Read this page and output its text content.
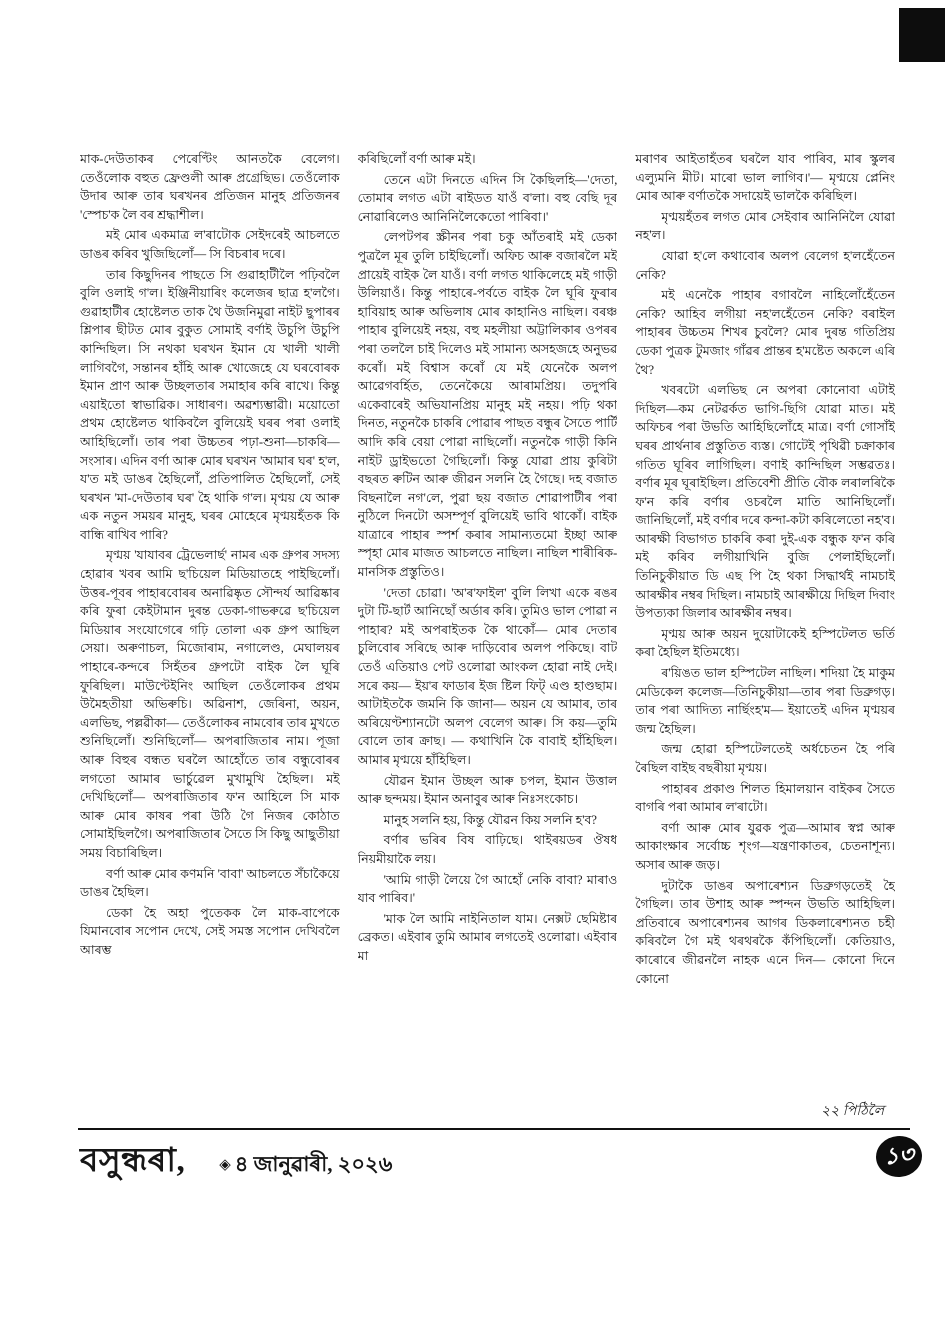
মাক-দেউতাকৰ পেৰেণ্টিং আনতকৈ বেলেগ। তেওঁলোক বহুত ফ্ৰেণ্ডলী আৰু প্ৰগ্ৰেছিভ। তেওঁলোক উদাৰ আৰু তাৰ ঘৰখনৰ প্ৰতিজন মানুহ প্ৰতিজনৰ 'স্পেচ'ক লৈ বৰ শ্ৰদ্ধাশীল।

মই মোৰ একমাত্ৰ ল'ৰাটোক সেইদৰেই আচলতে ডাঙৰ কৰিব খুজিছিলোঁ— সি বিচৰাৰ দৰে।

তাৰ কিছুদিনৰ পাছতে সি গুৱাহাটীলৈ পঢ়িবলৈ বুলি ওলাই গ'ল। ইঞ্জিনীয়াৰিং কলেজৰ ছাত্ৰ হ'লগৈ। গুৱাহাটীৰ হোষ্টেলত তাক থৈ উজনিমুৱা নাইট ছুপাৰৰ শ্লিপাৰ ছীটত মোৰ বুকুত সোমাই বৰ্ণাই উচুপি উচুপি কান্দিছিল। সি নথকা ঘৰখন ইমান যে খালী খালী লাগিবগৈ, সন্তানৰ হাঁহি আৰু খোজেহে যে ঘৰবোৰক ইমান প্ৰাণ আৰু উচ্ছলতাৰ সমাহাৰ কৰি ৰাখে। কিন্তু এয়াইতো স্বাভাৱিক। সাধাৰণ। অৱশ্যম্ভাৱী। ময়োতো প্ৰথম হোষ্টেলত থাকিবলৈ বুলিয়েই ঘৰৰ পৰা ওলাই আহিছিলোঁ। তাৰ পৰা উচ্চতৰ পঢ়া-শুনা—চাকৰি— সংসাৰ। এদিন বৰ্ণা আৰু মোৰ ঘৰখন 'আমাৰ ঘৰ' হ'ল, য'ত মই ডাঙৰ হৈছিলোঁ, প্ৰতিপালিত হৈছিলোঁ, সেই ঘৰখন 'মা-দেউতাৰ ঘৰ' হৈ থাকি গ'ল। মৃণ্ময় যে আৰু এক নতুন সময়ৰ মানুহ, ঘৰৰ মোহেৰে মৃণ্ময়হঁতক কি বান্ধি ৰাখিব পাৰি?

মৃণ্ময় 'যাযাবৰ ট্ৰেভেলাৰ্ছ' নামৰ এক গ্ৰুপৰ সদস্য হোৱাৰ খবৰ আমি ছ'চিয়েল মিডিয়াতহে পাইছিলোঁ। উত্তৰ-পূবৰ পাহাৰবোৰৰ অনাৱিষ্কৃত সৌন্দৰ্য আৱিষ্কাৰ কৰি ফুৰা কেইটামান দুৰন্ত ডেকা-গাভৰুৱে ছ'চিয়েল মিডিয়াৰ সংযোগেৰে গঢ়ি তোলা এক গ্ৰুপ আছিল সেয়া। অৰুণাচল, মিজোৰাম, নগালেণ্ড, মেঘালয়ৰ পাহাৰে-কন্দৰে সিহঁতৰ গ্ৰুপটো বাইক লৈ ঘূৰি ফুৰিছিল। মাউণ্টেইনিং আছিল তেওঁলোকৰ প্ৰথম উমৈহতীয়া অভিৰুচি। অৱিনাশ, জেৰিনা, অয়ন, এলভিছ, পল্লৱীকা— তেওঁলোকৰ নামবোৰ তাৰ মুখতে শুনিছিলোঁ। শুনিছিলোঁ— অপৰাজিতাৰ নাম। পূজা আৰু বিহুৰ বন্ধত ঘৰলৈ আহোঁতে তাৰ বন্ধুবোৰৰ লগতো আমাৰ ভাৰ্চুৱেল মুখামুখি হৈছিল। মই দেখিছিলোঁ— অপৰাজিতাৰ ফ'ন আহিলে সি মাক আৰু মোৰ কাষৰ পৰা উঠি গৈ নিজৰ কোঠাত সোমাইছিলগৈ। অপৰাজিতাৰ সৈতে সি কিছু আছুতীয়া সময় বিচাৰিছিল।

বৰ্ণা আৰু মোৰ কণমনি 'বাবা' আচলতে সঁচাকৈয়ে ডাঙৰ হৈছিল।

ডেকা হৈ অহা পুতেকক লৈ মাক-বাপেকে যিমানবোৰ সপোন দেখে, সেই সমস্ত সপোন দেখিবলৈ আৰম্ভ

কৰিছিলোঁ বৰ্ণা আৰু মই।

তেনে এটা দিনতে এদিন সি কৈছিলহি—'দেতা, তোমাৰ লগত এটা ৰাইডত যাওঁ ব'লা। বহু বেছি দূৰ নোৱাৰিলেও আনিনিলৈকেতো পাৰিবা।'

লেপটপৰ স্ক্ৰীনৰ পৰা চকু আঁতৰাই মই ডেকা পুত্ৰলৈ মূৰ তুলি চাইছিলোঁ। অফিচ আৰু বজাৰলৈ মই প্ৰায়েই বাইক লৈ যাওঁ। বৰ্ণা লগত থাকিলেহে মই গাড়ী উলিয়াওঁ। কিন্তু পাহাৰে-পৰ্বতে বাইক লৈ ঘূৰি ফুৰাৰ হাবিয়াহ আৰু অভিলাষ মোৰ কাহানিও নাছিল। বৰঞ্চ পাহাৰ বুলিয়েই নহয়, বহু মহলীয়া অট্টালিকাৰ ওপৰৰ পৰা তললৈ চাই দিলেও মই সামান্য অসহজহে অনুভৱ কৰোঁ। মই বিশ্বাস কৰোঁ যে মই যেনেকৈ অলপ আৱেগবৰ্হিত, তেনেকৈয়ে আৰামপ্ৰিয়। তদুপৰি একেবাৰেই অভিযানপ্ৰিয় মানুহ মই নহয়। পঢ়ি থকা দিনত, নতুনকৈ চাকৰি পোৱাৰ পাছত বন্ধুৰ সৈতে পাৰ্টি আদি কৰি বেয়া পোৱা নাছিলোঁ। নতুনকৈ গাড়ী কিনি নাইট ড্ৰাইভতো গৈছিলোঁ। কিন্তু যোৱা প্ৰায় কুৰিটা বছৰত ৰুটিন আৰু জীৱন সলনি হৈ গৈছে। দহ বজাত বিছনালৈ নগ'লে, পুৱা ছয় বজাত শোৱাপাটীৰ পৰা নুঠিলে দিনটো অসম্পূৰ্ণ বুলিয়েই ভাবি থাকোঁ। বাইক যাত্ৰাৰে পাহাৰ স্পৰ্শ কৰাৰ সামান্যতমো ইচ্ছা আৰু স্পৃহা মোৰ মাজত আচলতে নাছিল। নাছিল শাৰীৰিক-মানসিক প্ৰস্তুতিও।

'দেতা চোৱা। 'অ'ৰ'ফাইল' বুলি লিখা একে ৰঙৰ দুটা টি-ছাৰ্ট আনিছোঁ অৰ্ডাৰ কৰি। তুমিও ভাল পোৱা ন পাহাৰ? মই অপৰাইতক কৈ থাকোঁ— মোৰ দেতাৰ চুলিবোৰ সৰিছে আৰু দাড়িবোৰ অলপ পকিছে। বাট তেওঁ এতিয়াও পেট ওলোৱা আংকল হোৱা নাই দেই। সৰে কয়— ইয়'ৰ ফাডাৰ ইজ ষ্টিল ফিট্ এণ্ড হাণ্ডছাম। আটাইতকৈ জমনি কি জানা— অয়ন যে আমাৰ, তাৰ অৰিয়েণ্টশ্যানটো অলপ বেলেগ আৰু। সি কয়—তুমি বোলে তাৰ ক্ৰাছ। — কথাখিনি কৈ বাবাই হাঁহিছিল। আমাৰ মৃণ্ময়ে হাঁহিছিল।

যৌৱন ইমান উচ্ছল আৰু চপল, ইমান উত্তাল আৰু ছন্দময়। ইমান অনাবুৰ আৰু নিঃসংকোচ।

মানুহ সলনি হয়, কিন্তু যৌৱন কিয় সলনি হ'ব?

বৰ্ণাৰ ভৰিৰ বিষ বাঢ়িছে। থাইৰয়ডৰ ঔষধ নিয়মীয়াকৈ লয়।

'আমি গাড়ী লৈয়ে গৈ আহোঁ নেকি বাবা? মাৰাও যাব পাৰিব।'

'মাক লৈ আমি নাইনিতাল যাম। নেক্সট ছেমিষ্টাৰ ব্ৰেকত। এইবাৰ তুমি আমাৰ লগতেই ওলোৱা। এইবাৰ মা

মৰাণৰ আইতাহঁতৰ ঘৰলৈ যাব পাৰিব, মাৰ স্কুলৰ এল্যুমনি মীট। মাৰো ভাল লাগিব।'— মৃণ্ময়ে প্লেনিং মোৰ আৰু বৰ্ণাতকৈ সদায়েই ভালকৈ কৰিছিল।

মৃণ্ময়হঁতৰ লগত মোৰ সেইবাৰ আনিনিলৈ যোৱা নহ'ল।

যোৱা হ'লে কথাবোৰ অলপ বেলেগ হ'লহেঁতেন নেকি?

মই এনেকৈ পাহাৰ বগাবলৈ নাহিলোঁহেঁতেন নেকি? আহিব লগীয়া নহ'লহেঁতেন নেকি? বৰাইল পাহাৰৰ উচ্চতম শিখৰ চুবলৈ? মোৰ দুৰন্ত গতিপ্ৰিয় ডেকা পুত্ৰক টুমজাং গাঁৱৰ প্ৰান্তৰ হ'মষ্টেত অকলে এৰি থৈ?

খবৰটো এলভিছ নে অপৰা কোনোবা এটাই দিছিল—কম নেটৱৰ্কত ভাগি-ছিগি যোৱা মাত। মই অফিচৰ পৰা উভতি আহিছিলোঁহে মাত্ৰ। বৰ্ণা গোসাঁই ঘৰৰ প্ৰাৰ্থনাৰ প্ৰস্তুতিত ব্যস্ত। গোটেই পৃথিৱী চক্ৰাকাৰ গতিত ঘূৰিব লাগিছিল। বণাই কান্দিছিল সম্ভৱতঃ। বৰ্ণাৰ মূৰ ঘূৰাইছিল। প্ৰতিবেশী প্ৰীতি বৌক লৰালৰিকৈ ফ'ন কৰি বৰ্ণাৰ ওচৰলৈ মাতি আনিছিলোঁ। জানিছিলোঁ, মই বৰ্ণাৰ দৰে কন্দা-কটা কৰিলেতো নহ'ব। আৰক্ষী বিভাগত চাকৰি কৰা দুই-এক বন্ধুক ফ'ন কৰি মই কৰিব লগীয়াখিনি বুজি পেলাইছিলোঁ। তিনিচুকীয়াত ডি এছ পি হৈ থকা সিদ্ধাৰ্থই নামচাই আৰক্ষীৰ নম্বৰ দিছিল। নামচাই আৰক্ষীয়ে দিছিল দিবাং উপত্যকা জিলাৰ আৰক্ষীৰ নম্বৰ।

মৃণ্ময় আৰু অয়ন দুয়োটাকেই হস্পিটেলত ভৰ্তি কৰা হৈছিল ইতিমধ্যে।

ৰ'য়িঙত ভাল হস্পিটেল নাছিল। শদিয়া হৈ মাকুম মেডিকেল কলেজ—তিনিচুকীয়া—তাৰ পৰা ডিব্ৰুগড়। তাৰ পৰা আদিত্য নাৰ্ছিংহ'ম— ইয়াতেই এদিন মৃণ্ময়ৰ জন্ম হৈছিল।

জন্ম হোৱা হস্পিটেলতেই অৰ্ধচেতন হৈ পৰি ৰৈছিল বাইছ বছৰীয়া মৃণ্ময়।

পাহাৰৰ প্ৰকাণ্ড শিলত হিমালয়ান বাইকৰ সৈতে বাগৰি পৰা আমাৰ ল'ৰাটো।

বৰ্ণা আৰু মোৰ যুৱক পুত্ৰ—আমাৰ স্বপ্ন আৰু আকাংক্ষাৰ সৰ্বোচ্চ শৃংগ—যন্ত্ৰণাকাতৰ, চেতনাশূন্য। অসাৰ আৰু জড়।

দুটাকৈ ডাঙৰ অপাৰেশ্যন ডিব্ৰুগড়তেই হৈ গৈছিল। তাৰ উশাহ আৰু স্পন্দন উভতি আহিছিল। প্ৰতিবাৰে অপাৰেশ্যনৰ আগৰ ডিকলাৰেশ্যনত চহী কৰিবলৈ গৈ মই থৰথৰকৈ কঁপিছিলোঁ। কেতিয়াও, কাৰোৰে জীৱনলৈ নাহক এনে দিন— কোনো দিনে কোনো

২২ পিঠিলৈ
বসুন্ধৰা, ◈ ৪ জানুৱাৰী, ২০২৬	১৩
